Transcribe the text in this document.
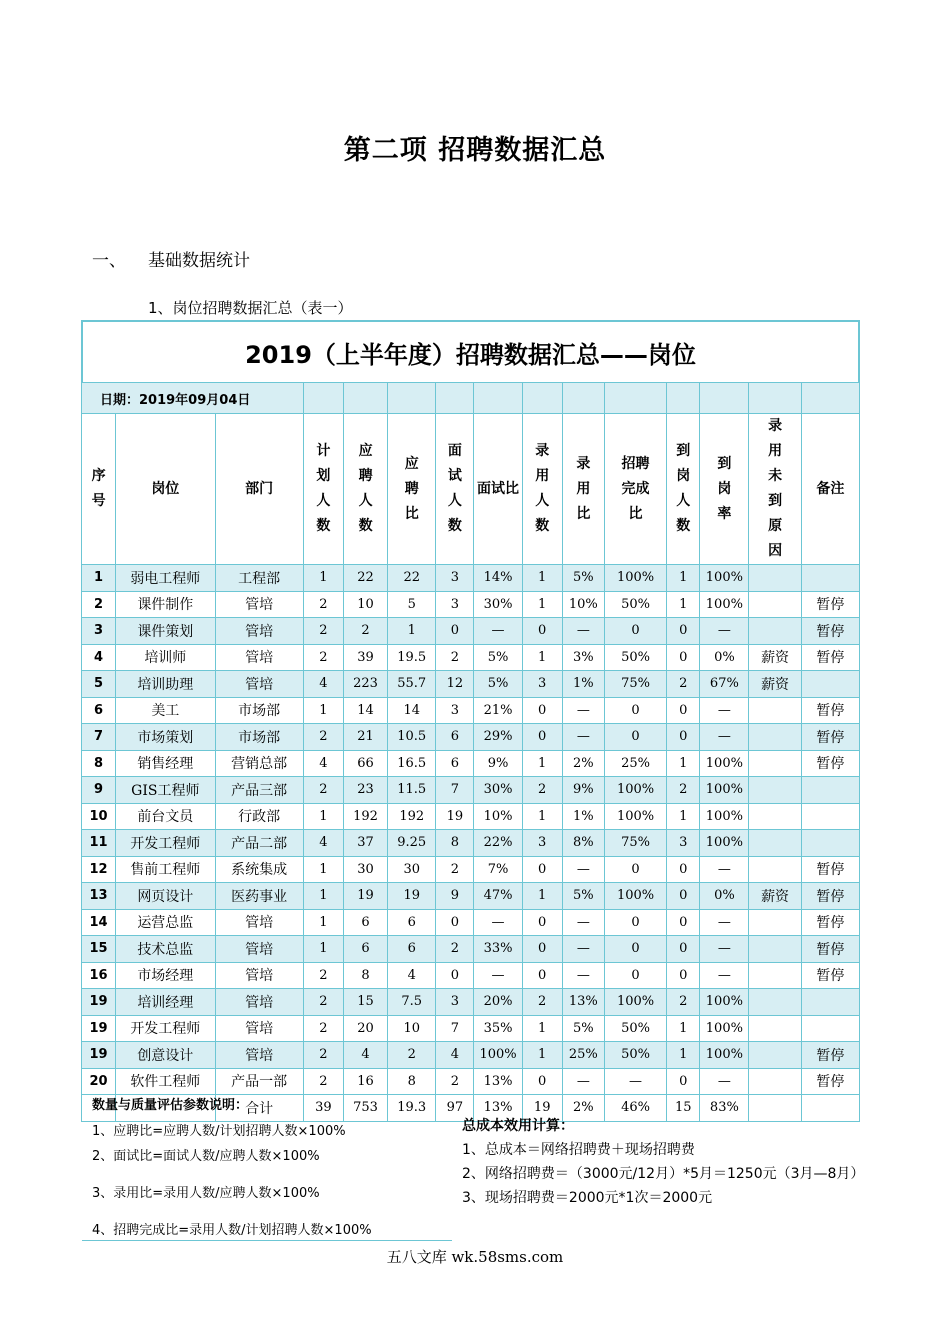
第二项 招聘数据汇总
一、 基础数据统计
1、岗位招聘数据汇总（表一）
2019（上半年度）招聘数据汇总——岗位
日期：2019年09月04日														
序号	岗位	部门	计划人数	应聘人数	应聘比	面试人数	面试比	录用人数	录用比	招聘完成比	到岗人数	到岗率	录用未到原因	备注
1	弱电工程师	工程部	1	22	22	3	14%	1	5%	100%	1	100%		
2	课件制作	管培	2	10	5	3	30%	1	10%	50%	1	100%		暂停
3	课件策划	管培	2	2	1	0	—	0	—	0	0	—		暂停
4	培训师	管培	2	39	19.5	2	5%	1	3%	50%	0	0%	薪资	暂停
5	培训助理	管培	4	223	55.7	12	5%	3	1%	75%	2	67%	薪资	
6	美工	市场部	1	14	14	3	21%	0	—	0	0	—		暂停
7	市场策划	市场部	2	21	10.5	6	29%	0	—	0	0	—		暂停
8	销售经理	营销总部	4	66	16.5	6	9%	1	2%	25%	1	100%		暂停
9	GIS工程师	产品三部	2	23	11.5	7	30%	2	9%	100%	2	100%		
10	前台文员	行政部	1	192	192	19	10%	1	1%	100%	1	100%		
11	开发工程师	产品二部	4	37	9.25	8	22%	3	8%	75%	3	100%		
12	售前工程师	系统集成	1	30	30	2	7%	0	—	0	0	—		暂停
13	网页设计	医药事业	1	19	19	9	47%	1	5%	100%	0	0%	薪资	暂停
14	运营总监	管培	1	6	6	0	—	0	—	0	0	—		暂停
15	技术总监	管培	1	6	6	2	33%	0	—	0	0	—		暂停
16	市场经理	管培	2	8	4	0	—	0	—	0	0	—		暂停
19	培训经理	管培	2	15	7.5	3	20%	2	13%	100%	2	100%		
19	开发工程师	管培	2	20	10	7	35%	1	5%	50%	1	100%		
19	创意设计	管培	2	4	2	4	100%	1	25%	50%	1	100%		暂停
20	软件工程师	产品一部	2	16	8	2	13%	0	—	—	0	—		暂停
		合计	39	753	19.3	97	13%	19	2%	46%	15	83%		
数量与质量评估参数说明：
1、应聘比=应聘人数/计划招聘人数×100%
2、面试比=面试人数/应聘人数×100%
3、录用比=录用人数/应聘人数×100%
4、招聘完成比=录用人数/计划招聘人数×100%
总成本效用计算：
1、总成本＝网络招聘费＋现场招聘费
2、网络招聘费＝（3000元/12月）*5月＝1250元（3月—8月）
3、现场招聘费＝2000元*1次＝2000元
五八文库 wk.58sms.com
